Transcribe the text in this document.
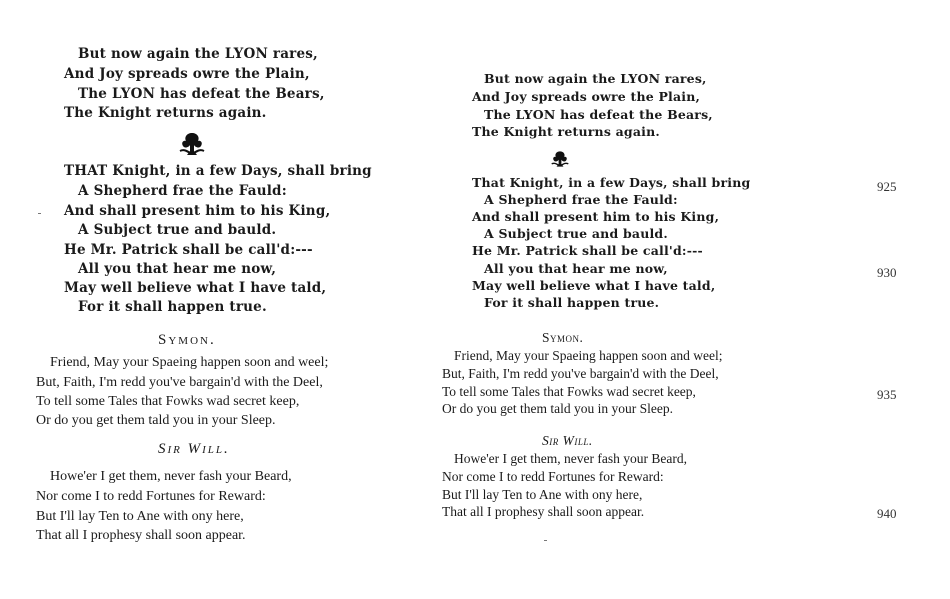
But now again the LYON rares,
And Joy spreads owre the Plain,
The LYON has defeat the Bears,
The Knight returns again.
THAT Knight, in a few Days, shall bring
A Shepherd frae the Fauld:
And shall present him to his King,
A Subject true and bauld.
He Mr. Patrick shall be call'd:---
All you that hear me now,
May well believe what I have tald,
For it shall happen true.
Symon.
Friend, May your Spaeing happen soon and weel;
But, Faith, I'm redd you've bargain'd with the Deel,
To tell some Tales that Fowks wad secret keep,
Or do you get them tald you in your Sleep.
Sir Will.
Howe'er I get them, never fash your Beard,
Nor come I to redd Fortunes for Reward:
But I'll lay Ten to Ane with ony here,
That all I prophesy shall soon appear.
But now again the LYON rares,
And Joy spreads owre the Plain,
The LYON has defeat the Bears,
The Knight returns again.
That Knight, in a few Days, shall bring
A Shepherd frae the Fauld:
And shall present him to his King,
A Subject true and bauld.
He Mr. Patrick shall be call'd:---
All you that hear me now,
May well believe what I have tald,
For it shall happen true.
Symon.
Friend, May your Spaeing happen soon and weel;
But, Faith, I'm redd you've bargain'd with the Deel,
To tell some Tales that Fowks wad secret keep,
Or do you get them tald you in your Sleep.
Sir Will.
Howe'er I get them, never fash your Beard,
Nor come I to redd Fortunes for Reward:
But I'll lay Ten to Ane with ony here,
That all I prophesy shall soon appear.
925
930
935
940
